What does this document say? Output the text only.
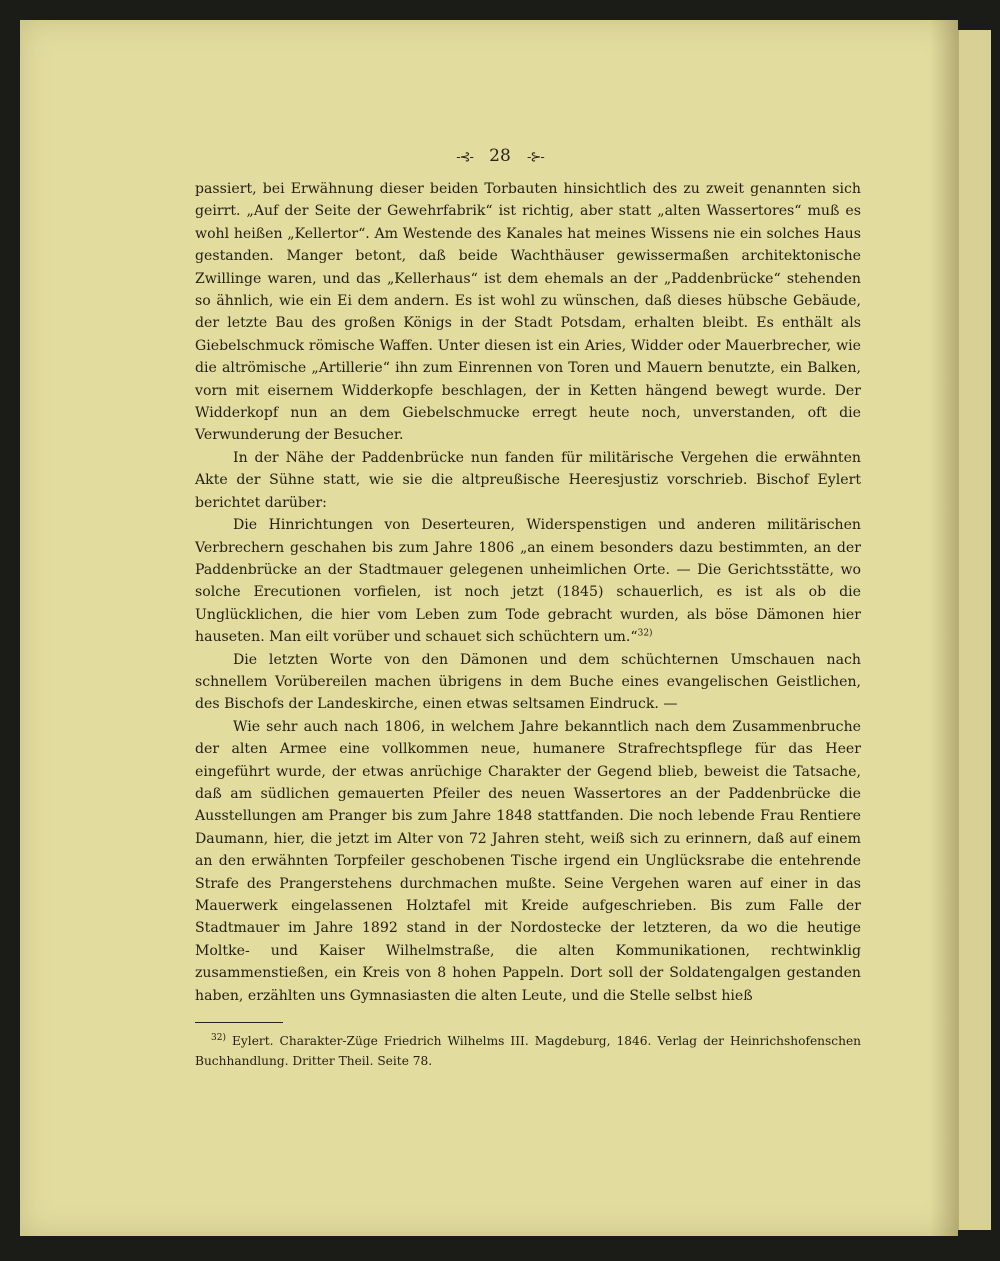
-⊰- 28 -⊱-

passiert, bei Erwähnung dieser beiden Torbauten hinsichtlich des zu zweit genannten sich geirrt. „Auf der Seite der Gewehrfabrik“ ist richtig, aber statt „alten Wassertores“ muß es wohl heißen „Kellertor“. Am Westende des Kanales hat meines Wissens nie ein solches Haus gestanden. Manger betont, daß beide Wachthäuser gewissermaßen architektonische Zwillinge waren, und das „Kellerhaus“ ist dem ehemals an der „Paddenbrücke“ stehenden so ähnlich, wie ein Ei dem andern. Es ist wohl zu wünschen, daß dieses hübsche Gebäude, der letzte Bau des großen Königs in der Stadt Potsdam, erhalten bleibt. Es enthält als Giebelschmuck römische Waffen. Unter diesen ist ein Aries, Widder oder Mauerbrecher, wie die altrömische „Artillerie“ ihn zum Einrennen von Toren und Mauern benutzte, ein Balken, vorn mit eisernem Widderkopfe beschlagen, der in Ketten hängend bewegt wurde. Der Widderkopf nun an dem Giebelschmucke erregt heute noch, unverstanden, oft die Verwunderung der Besucher.

In der Nähe der Paddenbrücke nun fanden für militärische Vergehen die erwähnten Akte der Sühne statt, wie sie die altpreußische Heeresjustiz vorschrieb. Bischof Eylert berichtet darüber:

Die Hinrichtungen von Deserteuren, Widerspenstigen und anderen militärischen Verbrechern geschahen bis zum Jahre 1806 „an einem besonders dazu bestimmten, an der Paddenbrücke an der Stadtmauer gelegenen unheimlichen Orte. — Die Gerichtsstätte, wo solche Erecutionen vorfielen, ist noch jetzt (1845) schauerlich, es ist als ob die Unglücklichen, die hier vom Leben zum Tode gebracht wurden, als böse Dämonen hier hauseten. Man eilt vorüber und schauet sich schüchtern um.“$^{32)}$

Die letzten Worte von den Dämonen und dem schüchternen Umschauen nach schnellem Vorübereilen machen übrigens in dem Buche eines evangelischen Geistlichen, des Bischofs der Landeskirche, einen etwas seltsamen Eindruck. —

Wie sehr auch nach 1806, in welchem Jahre bekanntlich nach dem Zusammenbruche der alten Armee eine vollkommen neue, humanere Strafrechtspflege für das Heer eingeführt wurde, der etwas anrüchige Charakter der Gegend blieb, beweist die Tatsache, daß am südlichen gemauerten Pfeiler des neuen Wassertores an der Paddenbrücke die Ausstellungen am Pranger bis zum Jahre 1848 stattfanden. Die noch lebende Frau Rentiere Daumann, hier, die jetzt im Alter von 72 Jahren steht, weiß sich zu erinnern, daß auf einem an den erwähnten Torpfeiler geschobenen Tische irgend ein Unglücksrabe die entehrende Strafe des Prangerstehens durchmachen mußte. Seine Vergehen waren auf einer in das Mauerwerk eingelassenen Holztafel mit Kreide aufgeschrieben. Bis zum Falle der Stadtmauer im Jahre 1892 stand in der Nordostecke der letzteren, da wo die heutige Moltke- und Kaiser Wilhelmstraße, die alten Kommunikationen, rechtwinklig zusammenstießen, ein Kreis von 8 hohen Pappeln. Dort soll der Soldatengalgen gestanden haben, erzählten uns Gymnasiasten die alten Leute, und die Stelle selbst hieß

$^{32)}$ Eylert. Charakter-Züge Friedrich Wilhelms III. Magdeburg, 1846. Verlag der Heinrichshofenschen Buchhandlung. Dritter Theil. Seite 78.
